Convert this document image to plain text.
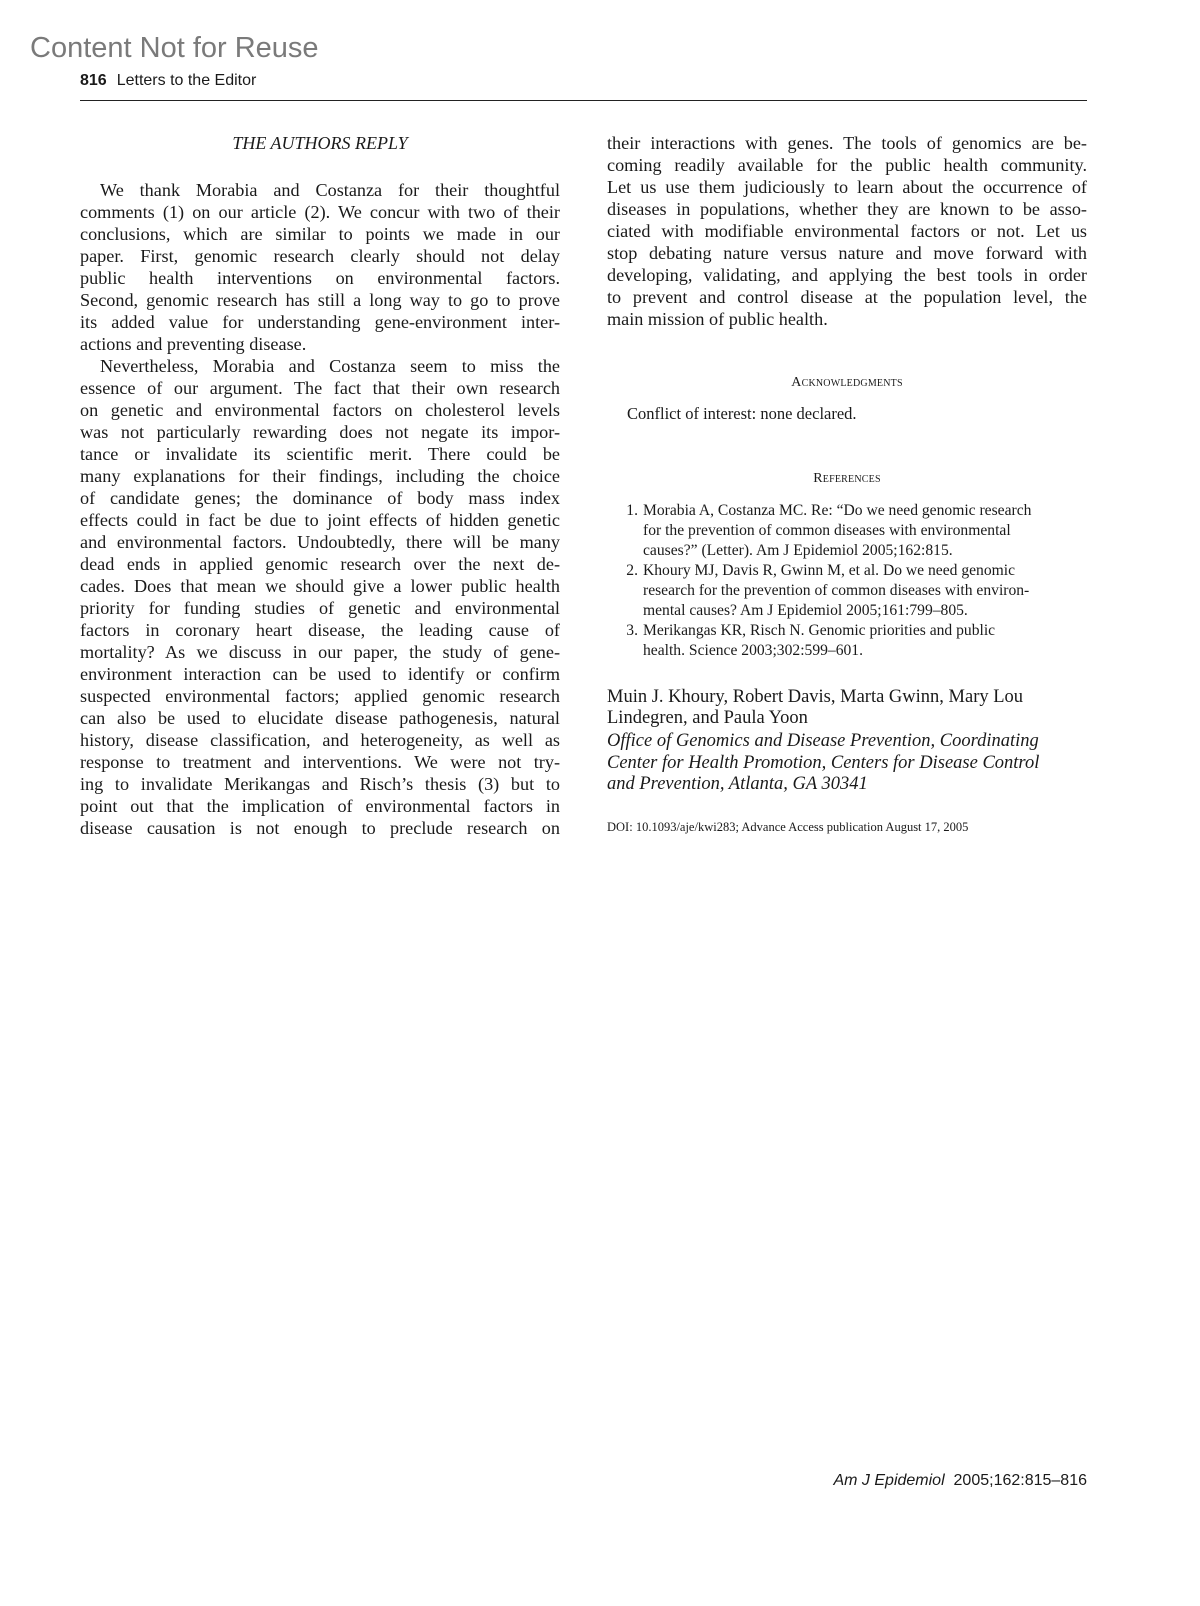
Content Not for Reuse
816 Letters to the Editor
THE AUTHORS REPLY
We thank Morabia and Costanza for their thoughtful
comments (1) on our article (2). We concur with two of their
conclusions, which are similar to points we made in our
paper. First, genomic research clearly should not delay
public health interventions on environmental factors.
Second, genomic research has still a long way to go to prove
its added value for understanding gene-environment inter-
actions and preventing disease.
Nevertheless, Morabia and Costanza seem to miss the
essence of our argument. The fact that their own research
on genetic and environmental factors on cholesterol levels
was not particularly rewarding does not negate its impor-
tance or invalidate its scientific merit. There could be
many explanations for their findings, including the choice
of candidate genes; the dominance of body mass index
effects could in fact be due to joint effects of hidden genetic
and environmental factors. Undoubtedly, there will be many
dead ends in applied genomic research over the next de-
cades. Does that mean we should give a lower public health
priority for funding studies of genetic and environmental
factors in coronary heart disease, the leading cause of
mortality? As we discuss in our paper, the study of gene-
environment interaction can be used to identify or confirm
suspected environmental factors; applied genomic research
can also be used to elucidate disease pathogenesis, natural
history, disease classification, and heterogeneity, as well as
response to treatment and interventions. We were not try-
ing to invalidate Merikangas and Risch’s thesis (3) but to
point out that the implication of environmental factors in
disease causation is not enough to preclude research on
their interactions with genes. The tools of genomics are be-
coming readily available for the public health community.
Let us use them judiciously to learn about the occurrence of
diseases in populations, whether they are known to be asso-
ciated with modifiable environmental factors or not. Let us
stop debating nature versus nature and move forward with
developing, validating, and applying the best tools in order
to prevent and control disease at the population level, the
main mission of public health.
Acknowledgments
Conflict of interest: none declared.
References
1. Morabia A, Costanza MC. Re: “Do we need genomic research
for the prevention of common diseases with environmental
causes?” (Letter). Am J Epidemiol 2005;162:815.
2. Khoury MJ, Davis R, Gwinn M, et al. Do we need genomic
research for the prevention of common diseases with environ-
mental causes? Am J Epidemiol 2005;161:799–805.
3. Merikangas KR, Risch N. Genomic priorities and public
health. Science 2003;302:599–601.
Muin J. Khoury, Robert Davis, Marta Gwinn, Mary Lou
Lindegren, and Paula Yoon
Office of Genomics and Disease Prevention, Coordinating
Center for Health Promotion, Centers for Disease Control
and Prevention, Atlanta, GA 30341
DOI: 10.1093/aje/kwi283; Advance Access publication August 17, 2005
Am J Epidemiol 2005;162:815–816
